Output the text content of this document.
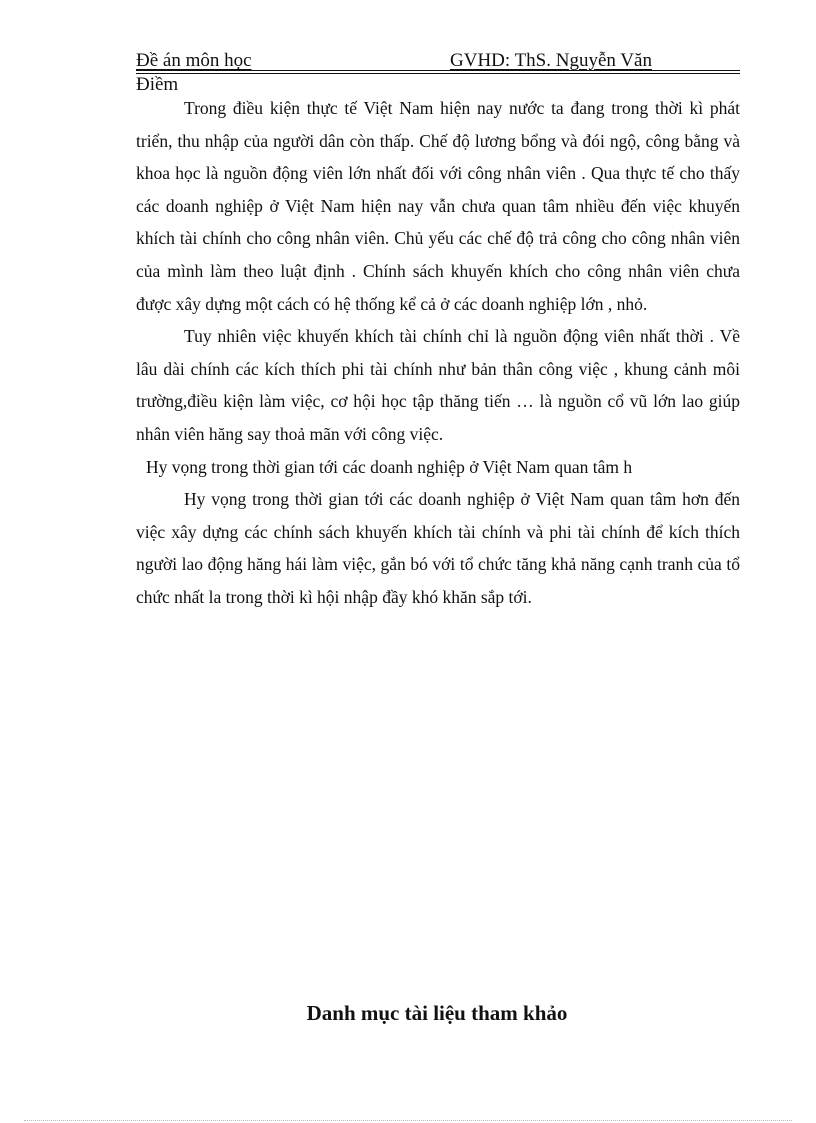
Đề án môn học	GVHD: ThS. Nguyễn Văn
Điềm

Trong điều kiện thực tế Việt Nam hiện nay nước ta đang trong thời kì phát triển, thu nhập của người dân còn thấp. Chế độ lương bổng và đói ngộ, công bằng và khoa học là nguồn động viên lớn nhất đối với công nhân viên . Qua thực tế cho thấy các doanh nghiệp ở Việt Nam hiện nay vẫn chưa quan tâm nhiều đến việc khuyến khích tài chính cho công nhân viên. Chủ yếu các chế độ trả công cho công nhân viên của mình làm theo luật định . Chính sách khuyến khích cho công nhân viên chưa được xây dựng một cách có hệ thống kể cả ở các doanh nghiệp lớn , nhỏ.

Tuy nhiên việc khuyến khích tài chính chỉ là nguồn động viên nhất thời . Về lâu dài chính các kích thích phi tài chính như bản thân công việc , khung cảnh môi trường,điều kiện làm việc, cơ hội học tập thăng tiến … là nguồn cổ vũ lớn lao giúp nhân viên hăng say thoả mãn với công việc.

Hy vọng trong thời gian tới các doanh nghiệp ở Việt Nam quan tâm h

Hy vọng trong thời gian tới các doanh nghiệp ở Việt Nam quan tâm hơn đến việc xây dựng các chính sách khuyến khích tài chính và phi tài chính để kích thích người lao động hăng hái làm việc, gắn bó với tổ chức tăng khả năng cạnh tranh của tổ chức nhất la trong thời kì hội nhập đầy khó khăn sắp tới.

Danh mục tài liệu tham khảo
